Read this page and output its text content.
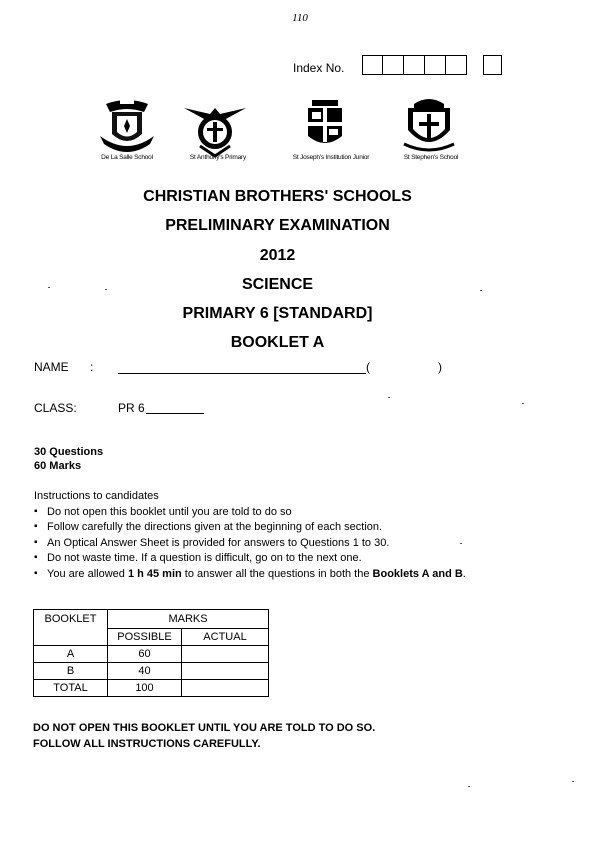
110
Index No.
De La Salle School	St Anthony's Primary	St Joseph's Institution Junior	St Stephen's School
CHRISTIAN BROTHERS' SCHOOLS
PRELIMINARY EXAMINATION
2012
SCIENCE
PRIMARY 6 [STANDARD]
BOOKLET A
NAME :	(	)
CLASS:	PR 6
30 Questions
60 Marks
Instructions to candidates
▪ Do not open this booklet until you are told to do so
▪ Follow carefully the directions given at the beginning of each section.
▪ An Optical Answer Sheet is provided for answers to Questions 1 to 30.
▪ Do not waste time. If a question is difficult, go on to the next one.
▪ You are allowed 1 h 45 min to answer all the questions in both the Booklets A and B.
BOOKLET	MARKS	
	POSSIBLE	ACTUAL
A	60	
B	40	
TOTAL	100	
DO NOT OPEN THIS BOOKLET UNTIL YOU ARE TOLD TO DO SO.
FOLLOW ALL INSTRUCTIONS CAREFULLY.
